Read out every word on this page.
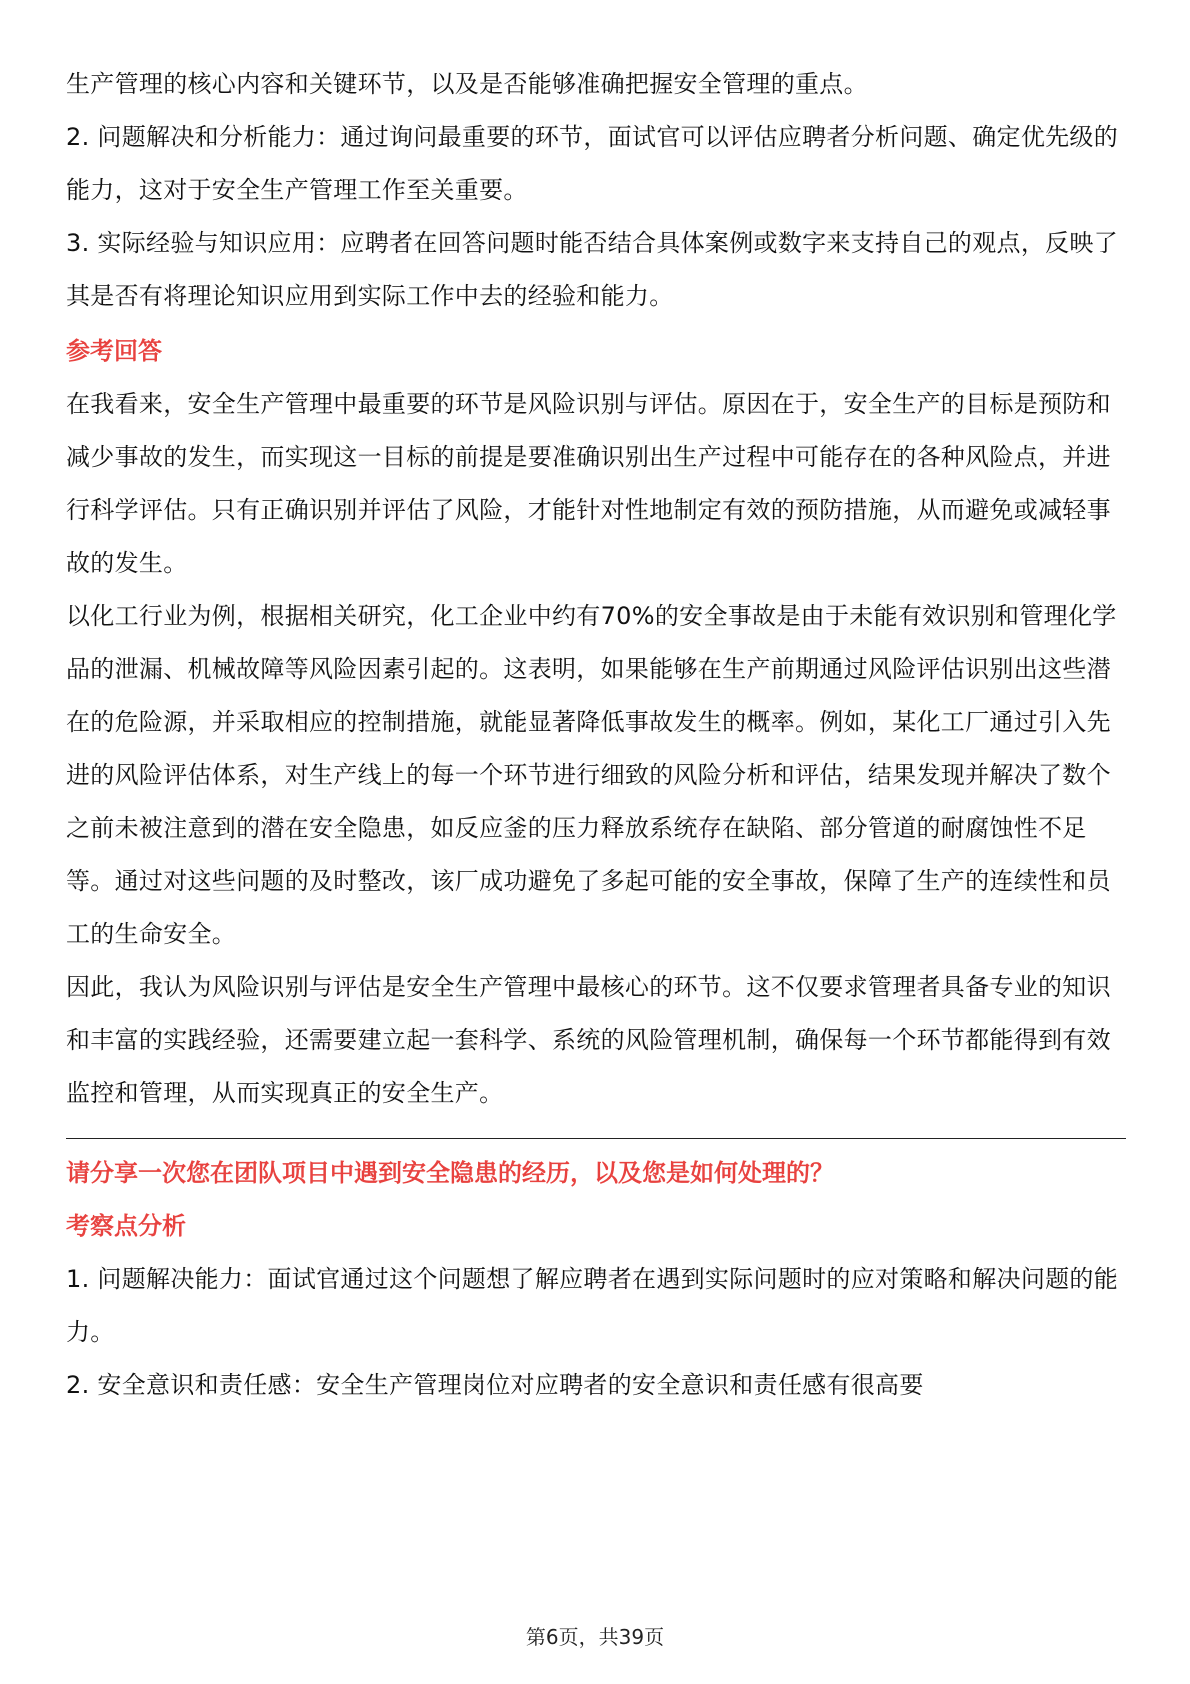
生产管理的核心内容和关键环节，以及是否能够准确把握安全管理的重点。

2. 问题解决和分析能力：通过询问最重要的环节，面试官可以评估应聘者分析问题、确定优先级的能力，这对于安全生产管理工作至关重要。

3. 实际经验与知识应用：应聘者在回答问题时能否结合具体案例或数字来支持自己的观点，反映了其是否有将理论知识应用到实际工作中去的经验和能力。

参考回答

在我看来，安全生产管理中最重要的环节是风险识别与评估。原因在于，安全生产的目标是预防和减少事故的发生，而实现这一目标的前提是要准确识别出生产过程中可能存在的各种风险点，并进行科学评估。只有正确识别并评估了风险，才能针对性地制定有效的预防措施，从而避免或减轻事故的发生。

以化工行业为例，根据相关研究，化工企业中约有70%的安全事故是由于未能有效识别和管理化学品的泄漏、机械故障等风险因素引起的。这表明，如果能够在生产前期通过风险评估识别出这些潜在的危险源，并采取相应的控制措施，就能显著降低事故发生的概率。例如，某化工厂通过引入先进的风险评估体系，对生产线上的每一个环节进行细致的风险分析和评估，结果发现并解决了数个之前未被注意到的潜在安全隐患，如反应釜的压力释放系统存在缺陷、部分管道的耐腐蚀性不足等。通过对这些问题的及时整改，该厂成功避免了多起可能的安全事故，保障了生产的连续性和员工的生命安全。

因此，我认为风险识别与评估是安全生产管理中最核心的环节。这不仅要求管理者具备专业的知识和丰富的实践经验，还需要建立起一套科学、系统的风险管理机制，确保每一个环节都能得到有效监控和管理，从而实现真正的安全生产。

请分享一次您在团队项目中遇到安全隐患的经历，以及您是如何处理的？

考察点分析

1. 问题解决能力：面试官通过这个问题想了解应聘者在遇到实际问题时的应对策略和解决问题的能力。

2. 安全意识和责任感：安全生产管理岗位对应聘者的安全意识和责任感有很高要

第6页，共39页
